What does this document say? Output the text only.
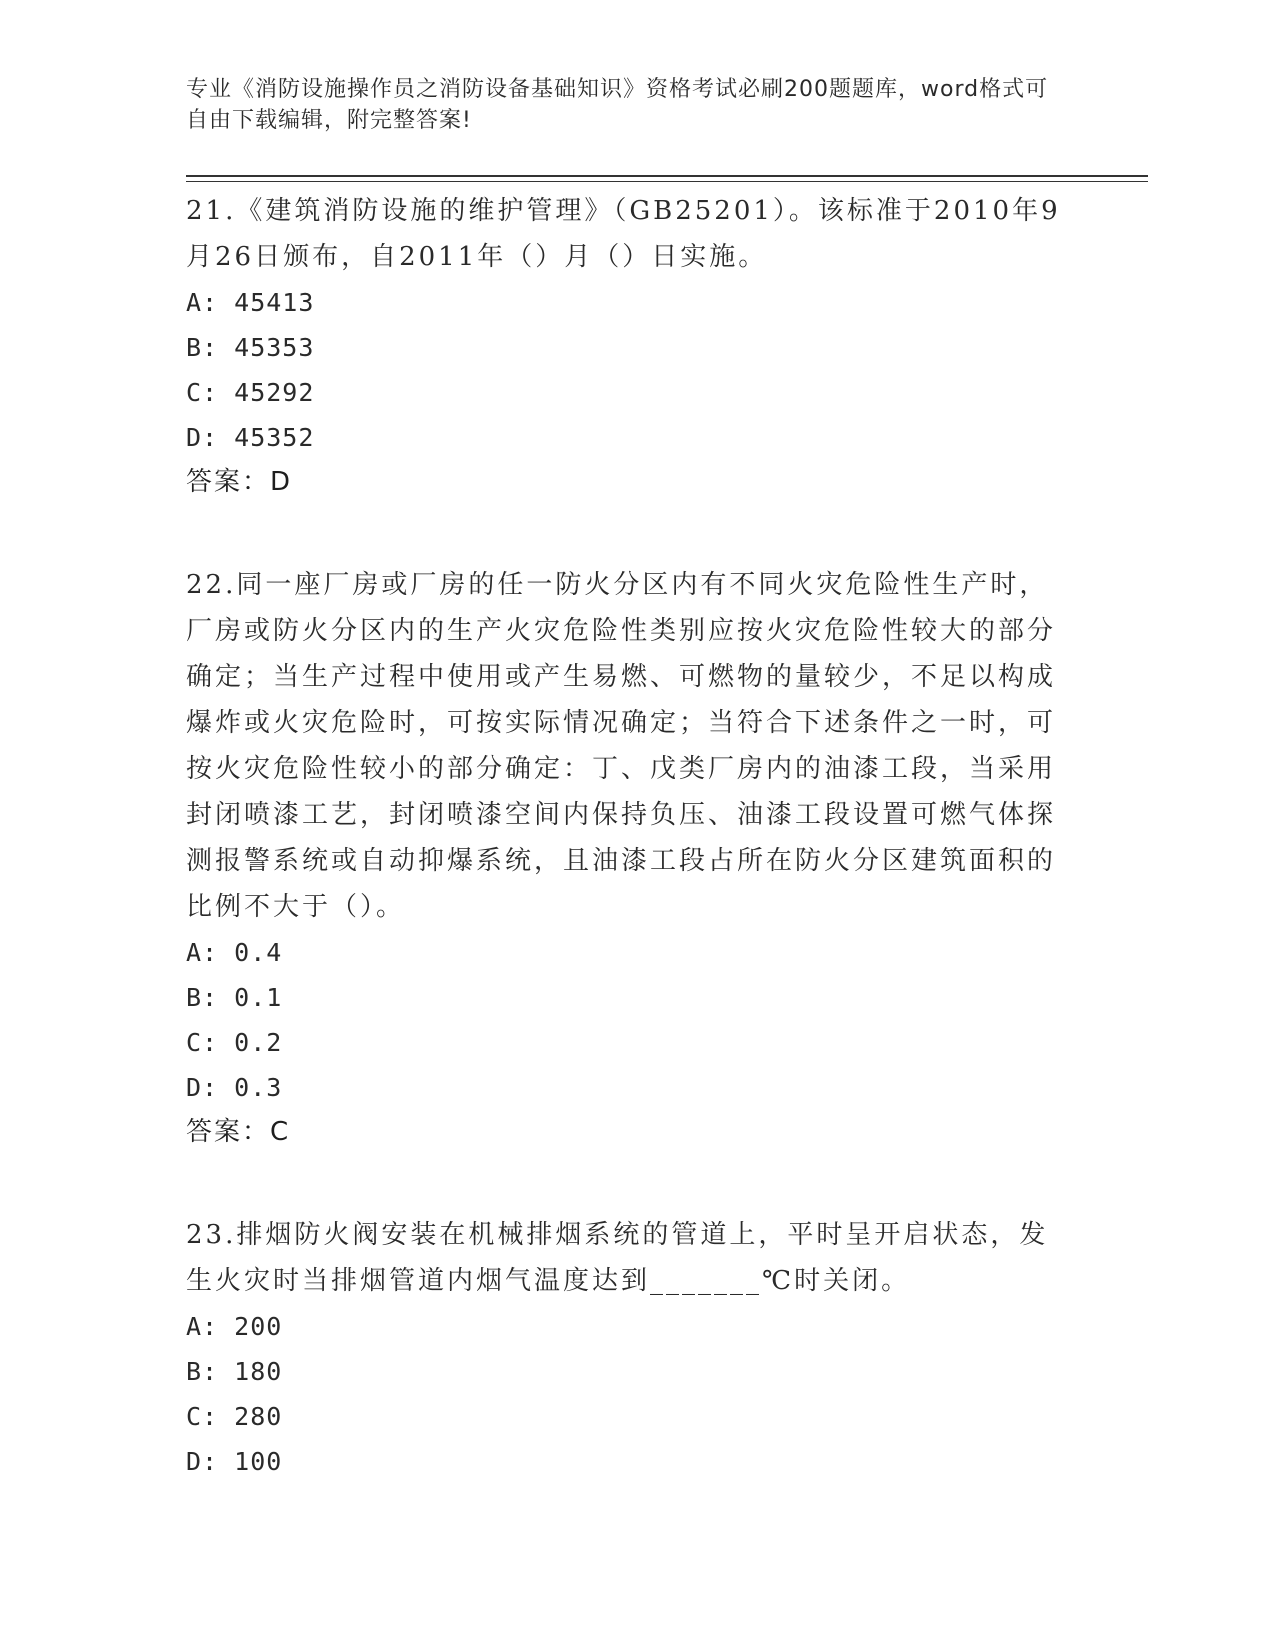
专业《消防设施操作员之消防设备基础知识》资格考试必刷200题题库，word格式可自由下载编辑，附完整答案!
21.《建筑消防设施的维护管理》（GB25201）。该标准于2010年9月26日颁布，自2011年（）月（）日实施。
A: 45413
B: 45353
C: 45292
D: 45352
答案：D
22.同一座厂房或厂房的任一防火分区内有不同火灾危险性生产时，厂房或防火分区内的生产火灾危险性类别应按火灾危险性较大的部分确定；当生产过程中使用或产生易燃、可燃物的量较少，不足以构成爆炸或火灾危险时，可按实际情况确定；当符合下述条件之一时，可按火灾危险性较小的部分确定：丁、戊类厂房内的油漆工段，当采用封闭喷漆工艺，封闭喷漆空间内保持负压、油漆工段设置可燃气体探测报警系统或自动抑爆系统，且油漆工段占所在防火分区建筑面积的比例不大于（）。
A: 0.4
B: 0.1
C: 0.2
D: 0.3
答案：C
23.排烟防火阀安装在机械排烟系统的管道上，平时呈开启状态，发生火灾时当排烟管道内烟气温度达到_______℃时关闭。
A: 200
B: 180
C: 280
D: 100
